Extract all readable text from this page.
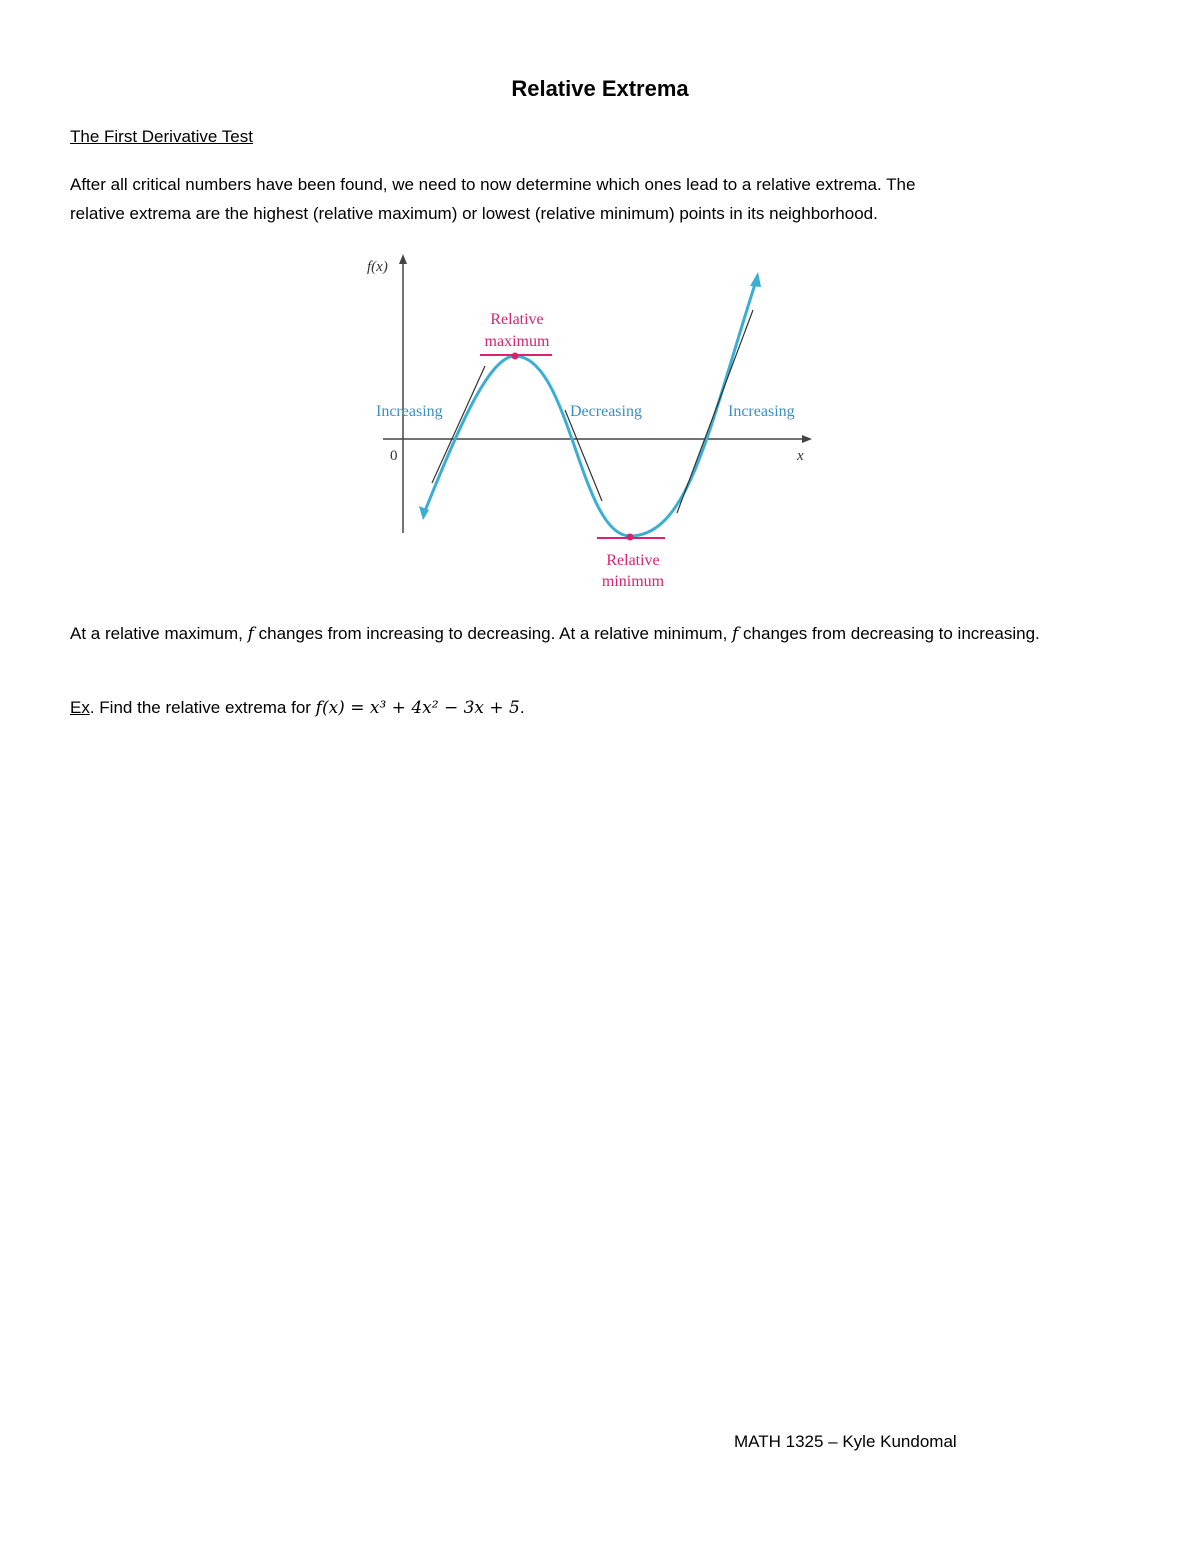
Relative Extrema
The First Derivative Test
After all critical numbers have been found, we need to now determine which ones lead to a relative extrema. The
relative extrema are the highest (relative maximum) or lowest (relative minimum) points in its neighborhood.
f(x)
x
0
Relative
maximum
Relative
minimum
Increasing	Decreasing	Increasing
At a relative maximum, f changes from increasing to decreasing. At a relative minimum, f changes from decreasing to increasing.
Ex. Find the relative extrema for f(x) = x³ + 4x² − 3x + 5.
MATH 1325 – Kyle Kundomal
